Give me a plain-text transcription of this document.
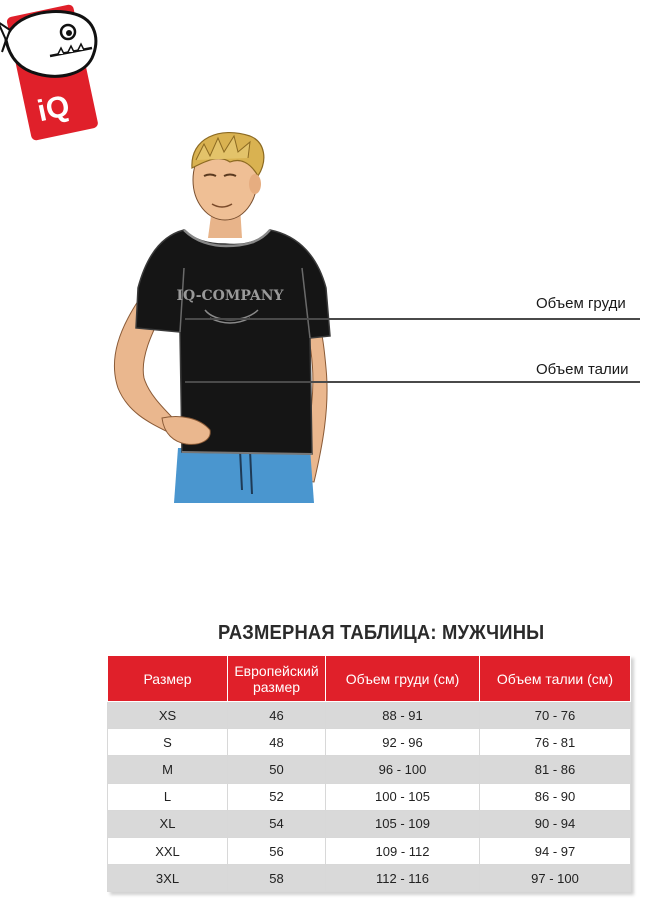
iQ
IQ-COMPANY	Объем груди
Объем талии
РАЗМЕРНАЯ ТАБЛИЦА: МУЖЧИНЫ
Размер	Европейский размер	Объем груди (см)	Объем талии (см)
XS	46	88 - 91	70 - 76
S	48	92 - 96	76 - 81
M	50	96 - 100	81 - 86
L	52	100 - 105	86 - 90
XL	54	105 - 109	90 - 94
XXL	56	109 - 112	94 - 97
3XL	58	112 - 116	97 - 100
